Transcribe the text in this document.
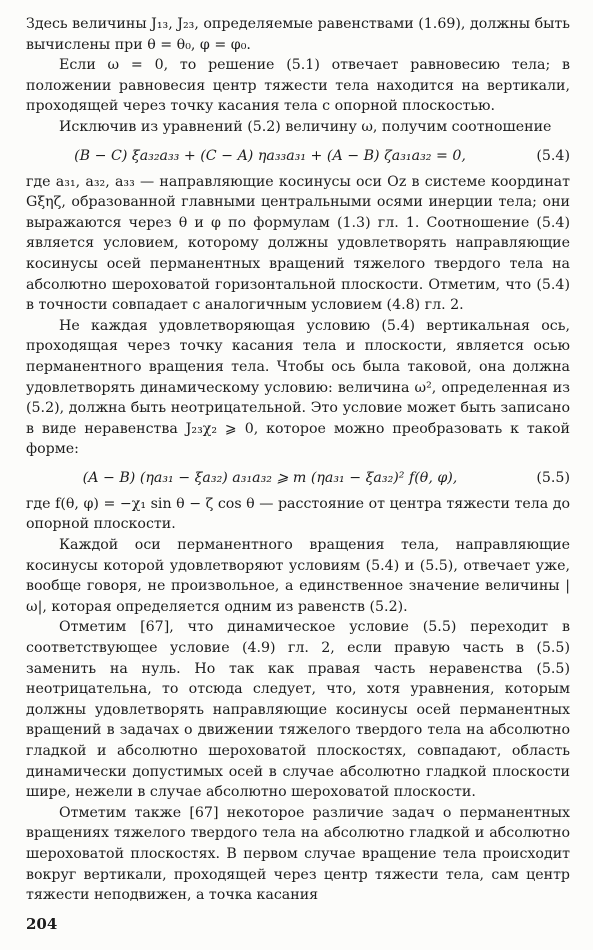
Здесь величины J₁₃, J₂₃, определяемые равенствами (1.69), должны быть вычислены при θ = θ₀, φ = φ₀.

Если ω = 0, то решение (5.1) отвечает равновесию тела; в положении равновесия центр тяжести тела находится на вертикали, проходящей через точку касания тела с опорной плоскостью.

Исключив из уравнений (5.2) величину ω, получим соотношение

(B − C) ξa₃₂a₃₃ + (C − A) ηa₃₃a₃₁ + (A − B) ζa₃₁a₃₂ = 0,	(5.4)

где a₃₁, a₃₂, a₃₃ — направляющие косинусы оси Oz в системе координат Gξηζ, образованной главными центральными осями инерции тела; они выражаются через θ и φ по формулам (1.3) гл. 1. Соотношение (5.4) является условием, которому должны удовлетворять направляющие косинусы осей перманентных вращений тяжелого твердого тела на абсолютно шероховатой горизонтальной плоскости. Отметим, что (5.4) в точности совпадает с аналогичным условием (4.8) гл. 2.

Не каждая удовлетворяющая условию (5.4) вертикальная ось, проходящая через точку касания тела и плоскости, является осью перманентного вращения тела. Чтобы ось была таковой, она должна удовлетворять динамическому условию: величина ω², определенная из (5.2), должна быть неотрицательной. Это условие может быть записано в виде неравенства J₂₃χ₂ ⩾ 0, которое можно преобразовать к такой форме:

(A − B) (ηa₃₁ − ξa₃₂) a₃₁a₃₂ ⩾ m (ηa₃₁ − ξa₃₂)² f(θ, φ),	(5.5)

где f(θ, φ) = −χ₁ sin θ − ζ cos θ — расстояние от центра тяжести тела до опорной плоскости.

Каждой оси перманентного вращения тела, направляющие косинусы которой удовлетворяют условиям (5.4) и (5.5), отвечает уже, вообще говоря, не произвольное, а единственное значение величины |ω|, которая определяется одним из равенств (5.2).

Отметим [67], что динамическое условие (5.5) переходит в соответствующее условие (4.9) гл. 2, если правую часть в (5.5) заменить на нуль. Но так как правая часть неравенства (5.5) неотрицательна, то отсюда следует, что, хотя уравнения, которым должны удовлетворять направляющие косинусы осей перманентных вращений в задачах о движении тяжелого твердого тела на абсолютно гладкой и абсолютно шероховатой плоскостях, совпадают, область динамически допустимых осей в случае абсолютно гладкой плоскости шире, нежели в случае абсолютно шероховатой плоскости.

Отметим также [67] некоторое различие задач о перманентных вращениях тяжелого твердого тела на абсолютно гладкой и абсолютно шероховатой плоскостях. В первом случае вращение тела происходит вокруг вертикали, проходящей через центр тяжести тела, сам центр тяжести неподвижен, а точка касания

204
